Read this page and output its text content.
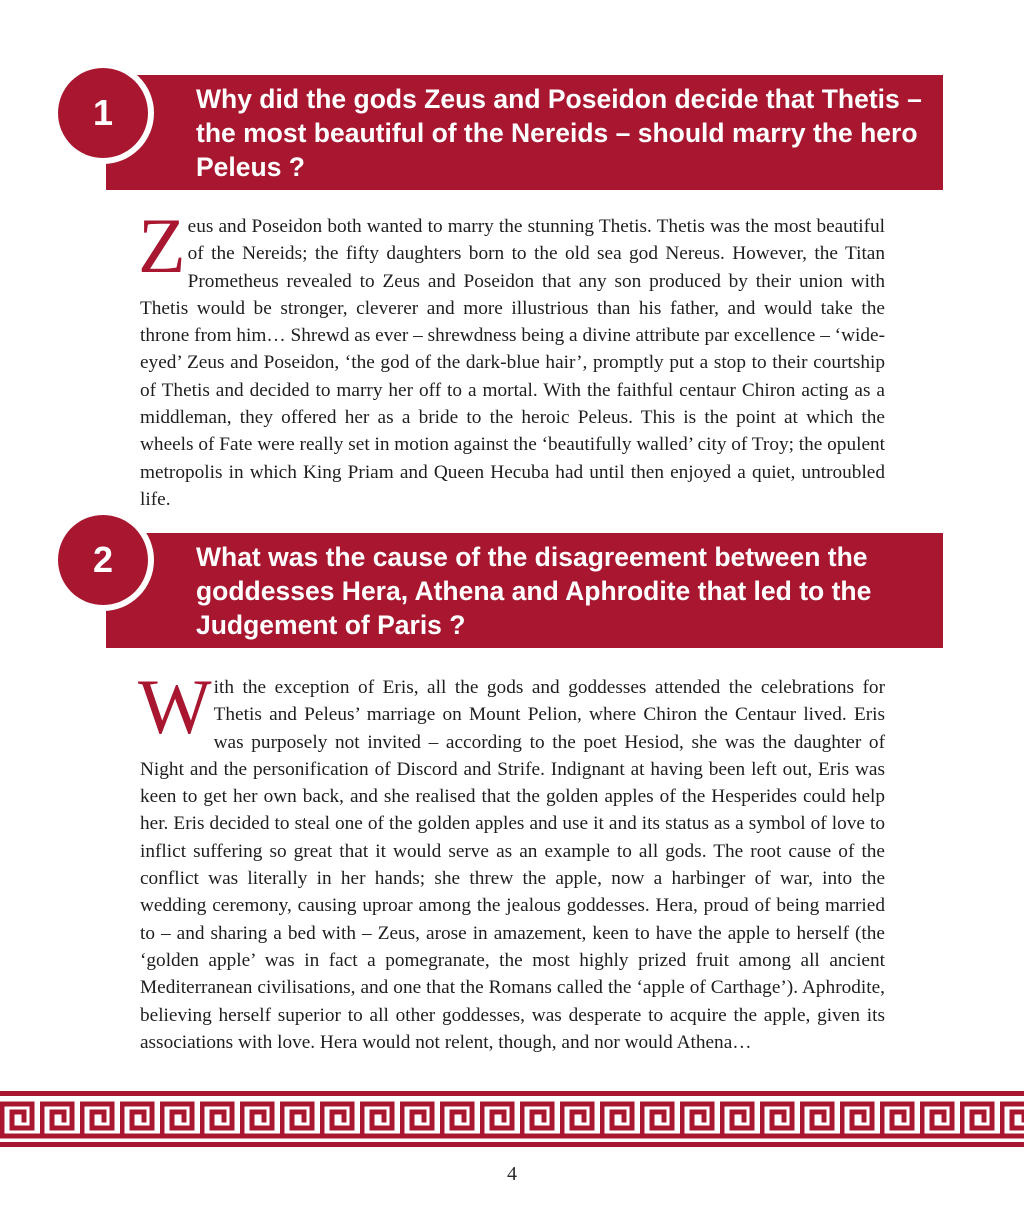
Why did the gods Zeus and Poseidon decide that Thetis – the most beautiful of the Nereids – should marry the hero Peleus ?
1
Z eus and Poseidon both wanted to marry the stunning Thetis. Thetis was the most beautiful of the Nereids; the fifty daughters born to the old sea god Nereus. However, the Titan Prometheus revealed to Zeus and Poseidon that any son produced by their union with Thetis would be stronger, cleverer and more illustrious than his father, and would take the throne from him… Shrewd as ever – shrewdness being a divine attribute par excellence – ‘wide-eyed’ Zeus and Poseidon, ‘the god of the dark-blue hair’, promptly put a stop to their courtship of Thetis and decided to marry her off to a mortal. With the faithful centaur Chiron acting as a middleman, they offered her as a bride to the heroic Peleus. This is the point at which the wheels of Fate were really set in motion against the ‘beautifully walled’ city of Troy; the opulent metropolis in which King Priam and Queen Hecuba had until then enjoyed a quiet, untroubled life.
What was the cause of the disagreement between the goddesses Hera, Athena and Aphrodite that led to the Judgement of Paris ?
2
W ith the exception of Eris, all the gods and goddesses attended the celebrations for Thetis and Peleus’ marriage on Mount Pelion, where Chiron the Centaur lived. Eris was purposely not invited – according to the poet Hesiod, she was the daughter of Night and the personification of Discord and Strife. Indignant at having been left out, Eris was keen to get her own back, and she realised that the golden apples of the Hesperides could help her. Eris decided to steal one of the golden apples and use it and its status as a symbol of love to inflict suffering so great that it would serve as an example to all gods. The root cause of the conflict was literally in her hands; she threw the apple, now a harbinger of war, into the wedding ceremony, causing uproar among the jealous goddesses. Hera, proud of being married to – and sharing a bed with – Zeus, arose in amazement, keen to have the apple to herself (the ‘golden apple’ was in fact a pomegranate, the most highly prized fruit among all ancient Mediterranean civilisations, and one that the Romans called the ‘apple of Carthage’). Aphrodite, believing herself superior to all other goddesses, was desperate to acquire the apple, given its associations with love. Hera would not relent, though, and nor would Athena…
4
